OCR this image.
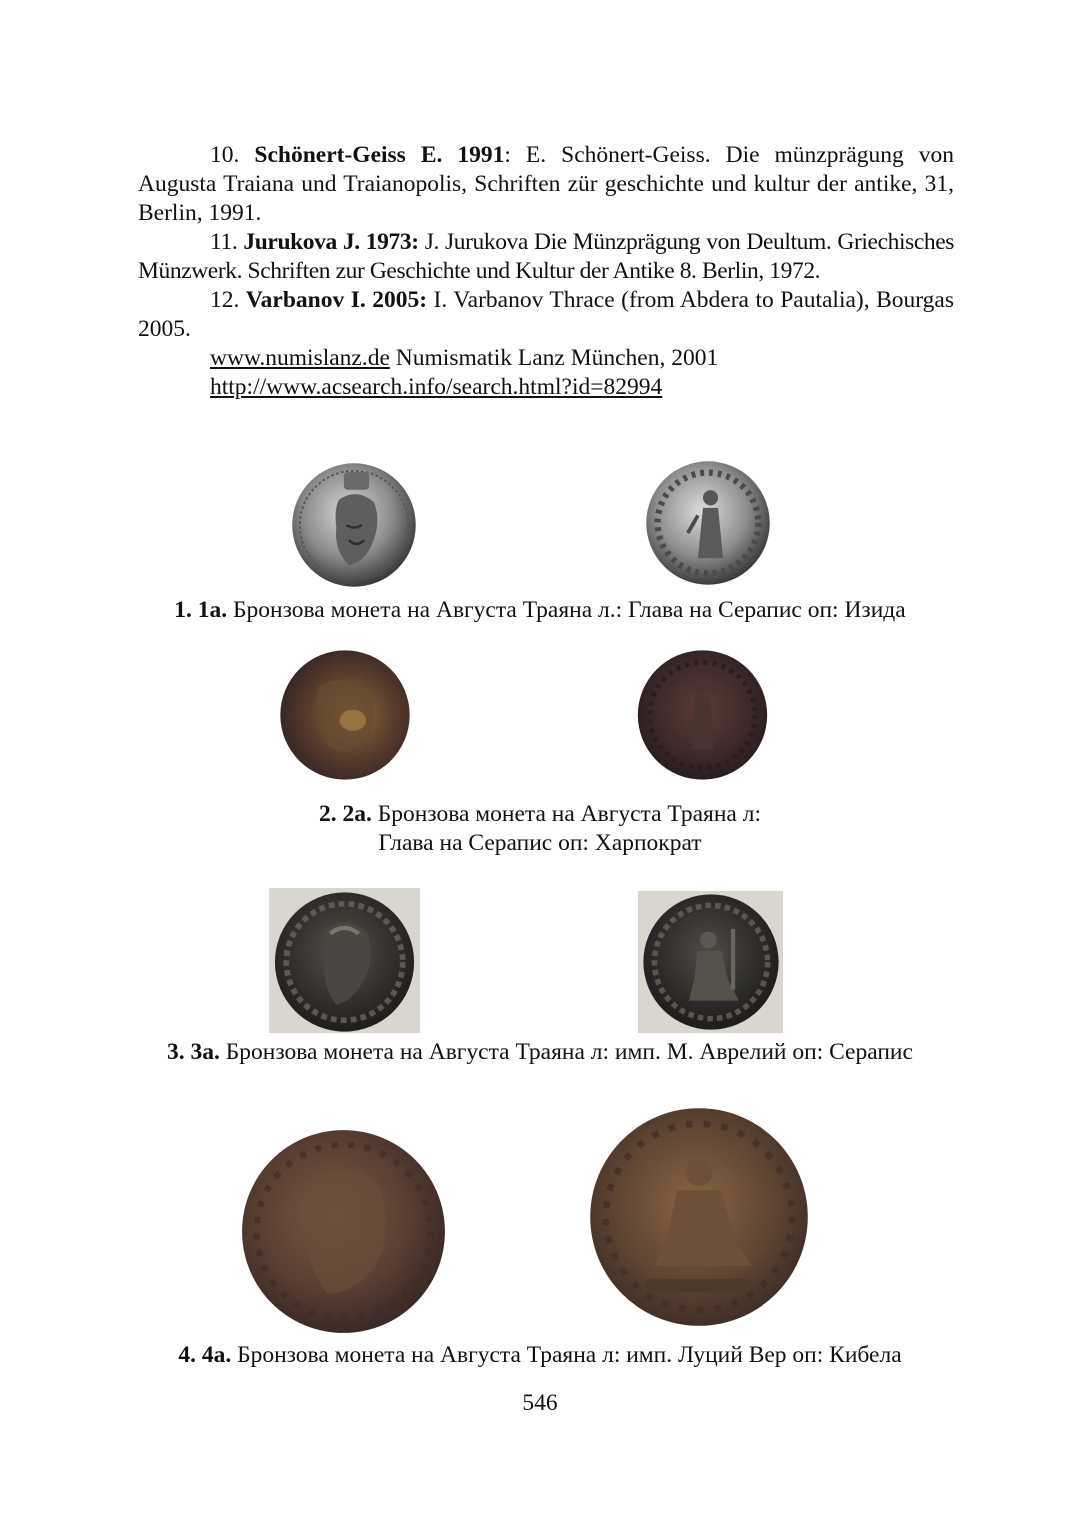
10. Schönert-Geiss E. 1991: E. Schönert-Geiss. Die münzprägung von Augusta Traiana und Traianopolis, Schriften zür geschichte und kultur der antike, 31, Berlin, 1991.

11. Jurukova J. 1973: J. Jurukova Die Münzprägung von Deultum. Griechisches Münzwerk. Schriften zur Geschichte und Kultur der Antike 8. Berlin, 1972.

12. Varbanov I. 2005: I. Varbanov Thrace (from Abdera to Pautalia), Bourgas 2005.

www.numislanz.de Numismatik Lanz München, 2001

http://www.acsearch.info/search.html?id=82994

1. 1а. Бронзова монета на Августа Траяна л.: Глава на Серапис оп: Изида
2. 2а. Бронзова монета на Августа Траяна л:
Глава на Серапис оп: Харпократ
3. 3а. Бронзова монета на Августа Траяна л: имп. М. Аврелий оп: Серапис
4. 4а. Бронзова монета на Августа Траяна л: имп. Луций Вер оп: Кибела
546
